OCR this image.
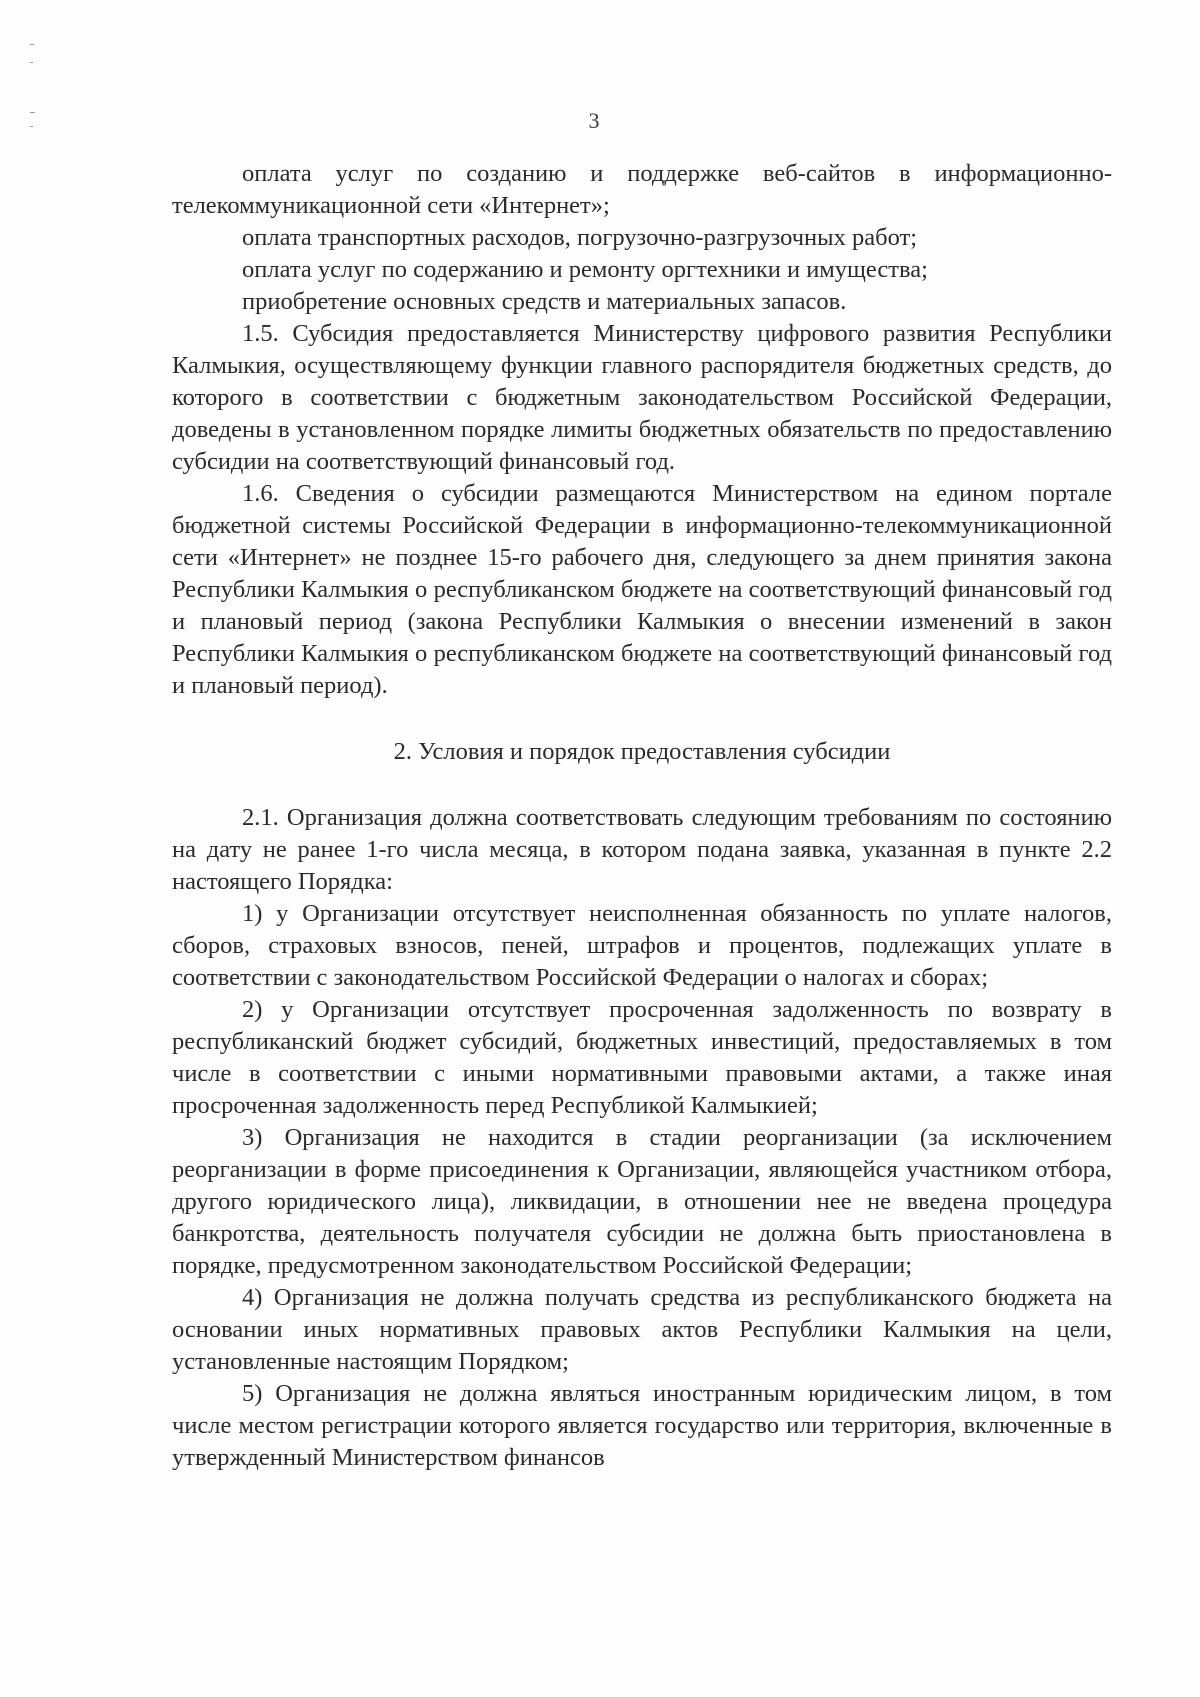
3

оплата услуг по созданию и поддержке веб-сайтов в информационно-телекоммуникационной сети «Интернет»;

оплата транспортных расходов, погрузочно-разгрузочных работ;

оплата услуг по содержанию и ремонту оргтехники и имущества;

приобретение основных средств и материальных запасов.

1.5. Субсидия предоставляется Министерству цифрового развития Республики Калмыкия, осуществляющему функции главного распорядителя бюджетных средств, до которого в соответствии с бюджетным законодательством Российской Федерации, доведены в установленном порядке лимиты бюджетных обязательств по предоставлению субсидии на соответствующий финансовый год.

1.6. Сведения о субсидии размещаются Министерством на едином портале бюджетной системы Российской Федерации в информационно-телекоммуникационной сети «Интернет» не позднее 15-го рабочего дня, следующего за днем принятия закона Республики Калмыкия о республиканском бюджете на соответствующий финансовый год и плановый период (закона Республики Калмыкия о внесении изменений в закон Республики Калмыкия о республиканском бюджете на соответствующий финансовый год и плановый период).

2. Условия и порядок предоставления субсидии

2.1. Организация должна соответствовать следующим требованиям по состоянию на дату не ранее 1-го числа месяца, в котором подана заявка, указанная в пункте 2.2 настоящего Порядка:

1) у Организации отсутствует неисполненная обязанность по уплате налогов, сборов, страховых взносов, пеней, штрафов и процентов, подлежащих уплате в соответствии с законодательством Российской Федерации о налогах и сборах;

2) у Организации отсутствует просроченная задолженность по возврату в республиканский бюджет субсидий, бюджетных инвестиций, предоставляемых в том числе в соответствии с иными нормативными правовыми актами, а также иная просроченная задолженность перед Республикой Калмыкией;

3) Организация не находится в стадии реорганизации (за исключением реорганизации в форме присоединения к Организации, являющейся участником отбора, другого юридического лица), ликвидации, в отношении нее не введена процедура банкротства, деятельность получателя субсидии не должна быть приостановлена в порядке, предусмотренном законодательством Российской Федерации;

4) Организация не должна получать средства из республиканского бюджета на основании иных нормативных правовых актов Республики Калмыкия на цели, установленные настоящим Порядком;

5) Организация не должна являться иностранным юридическим лицом, в том числе местом регистрации которого является государство или территория, включенные в утвержденный Министерством финансов
